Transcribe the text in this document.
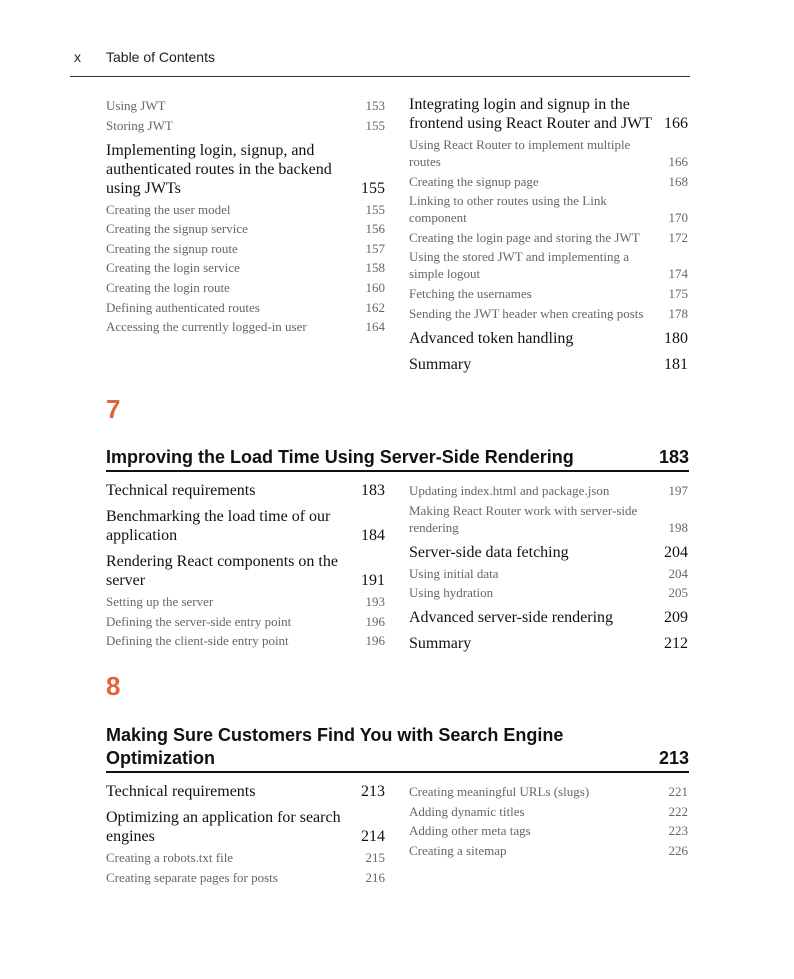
x Table of Contents
Using JWT	153
Storing JWT	155
Implementing login, signup, and authenticated routes in the backend using JWTs	155
Creating the user model	155
Creating the signup service	156
Creating the signup route	157
Creating the login service	158
Creating the login route	160
Defining authenticated routes	162
Accessing the currently logged-in user	164
Integrating login and signup in the frontend using React Router and JWT 166
Using React Router to implement multiple routes	166
Creating the signup page	168
Linking to other routes using the Link component	170
Creating the login page and storing the JWT	172
Using the stored JWT and implementing a simple logout	174
Fetching the usernames	175
Sending the JWT header when creating posts	178
Advanced token handling	180
Summary	181
7
Improving the Load Time Using Server-Side Rendering	183
Technical requirements	183
Benchmarking the load time of our application	184
Rendering React components on the server	191
Setting up the server	193
Defining the server-side entry point	196
Defining the client-side entry point	196
Updating index.html and package.json	197
Making React Router work with server-side rendering	198
Server-side data fetching	204
Using initial data	204
Using hydration	205
Advanced server-side rendering	209
Summary	212
8
Making Sure Customers Find You with Search Engine Optimization	213
Technical requirements	213
Optimizing an application for search engines	214
Creating a robots.txt file	215
Creating separate pages for posts	216
Creating meaningful URLs (slugs)	221
Adding dynamic titles	222
Adding other meta tags	223
Creating a sitemap	226
